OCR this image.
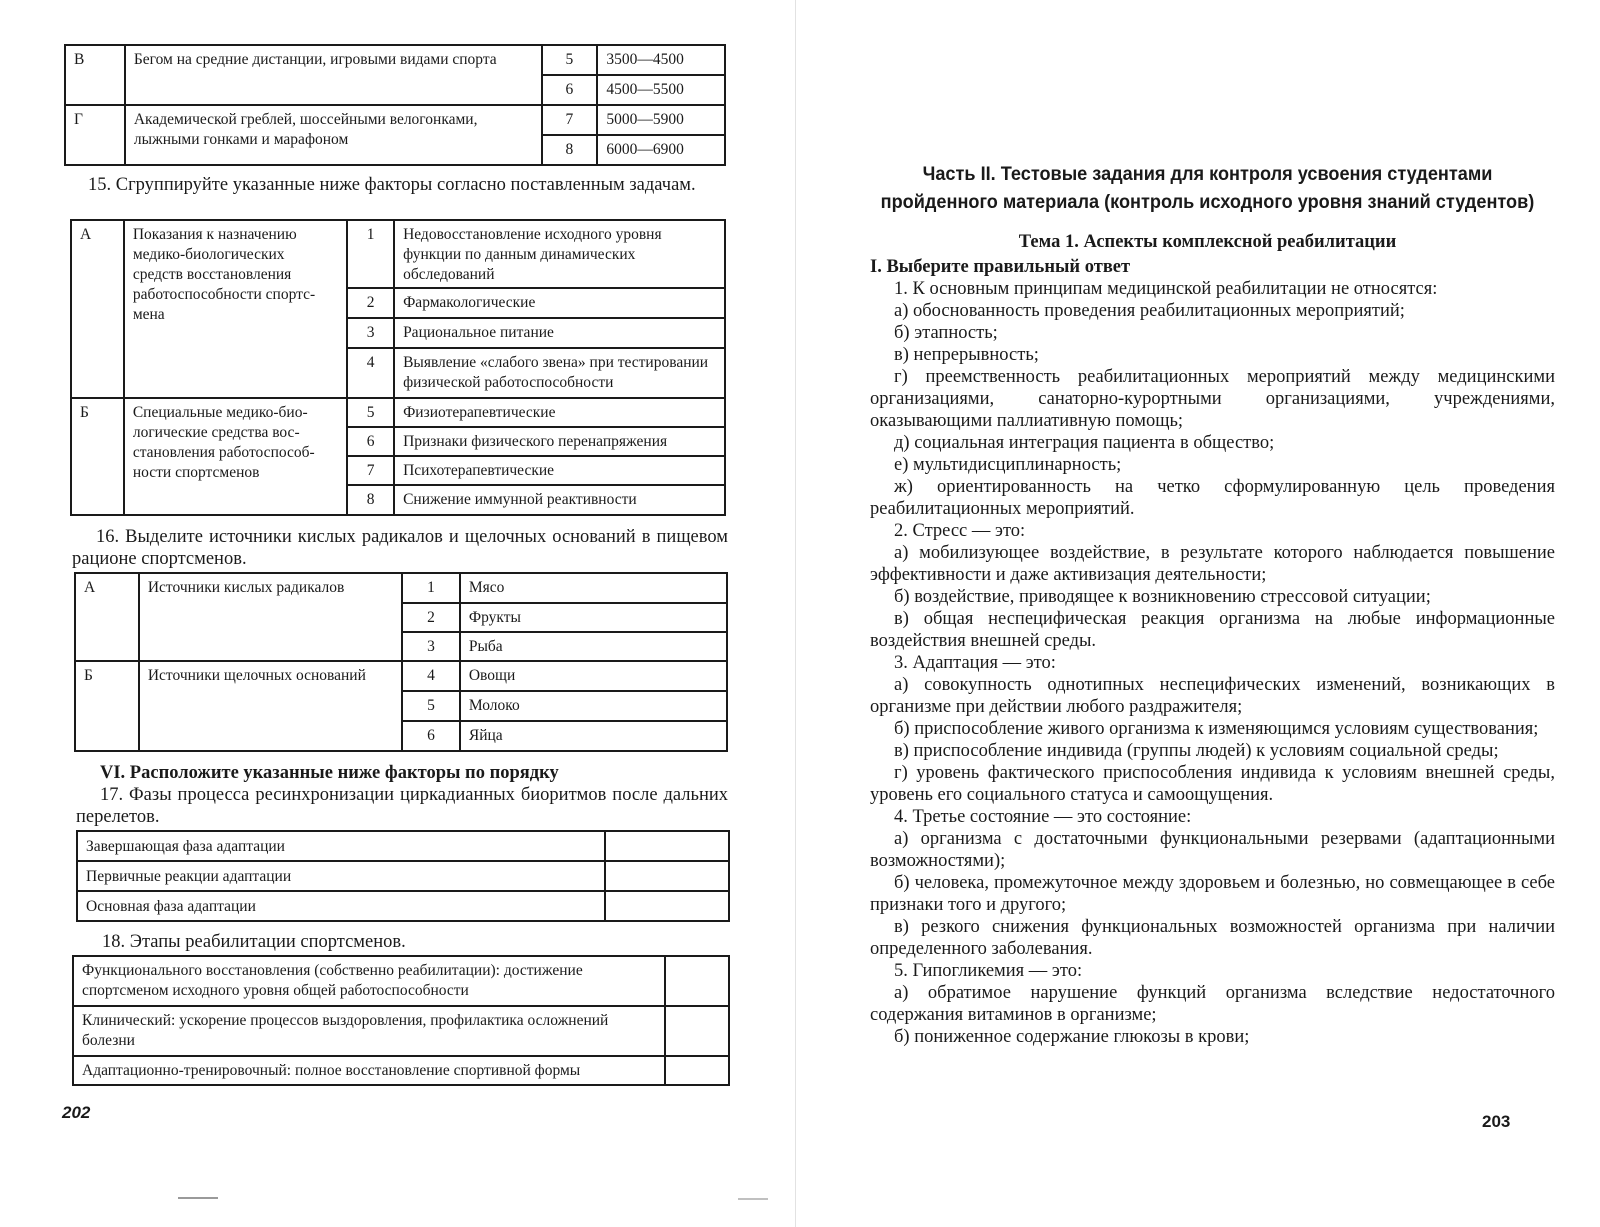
В	Бегом на средние дистанции, игровыми видами спорта	5	3500—4500
		6	4500—5500
Г	Академической греблей, шоссейными велогонками, лыжными гонками и марафоном	7	5000—5900
		8	6000—6900
15. Сгруппируйте указанные ниже факторы согласно поставленным задачам.
А	Показания к назначению медико-биологических средств восстановления работоспособности спортсмена	1	Недовосстановление исходного уровня функции по данным динамических обследований
		2	Фармакологические
		3	Рациональное питание
		4	Выявление «слабого звена» при тестировании физической работоспособности
Б	Специальные медико-биологические средства восстановления работоспособности спортсменов	5	Физиотерапевтические
		6	Признаки физического перенапряжения
		7	Психотерапевтические
		8	Снижение иммунной реактивности
16. Выделите источники кислых радикалов и щелочных оснований в пищевом рационе спортсменов.
А	Источники кислых радикалов	1	Мясо
		2	Фрукты
		3	Рыба
Б	Источники щелочных оснований	4	Овощи
		5	Молоко
		6	Яйца
VI. Расположите указанные ниже факторы по порядку
17. Фазы процесса ресинхронизации циркадианных биоритмов после дальних перелетов.
Завершающая фаза адаптации	
Первичные реакции адаптации	
Основная фаза адаптации	
18. Этапы реабилитации спортсменов.
Функционального восстановления (собственно реабилитации): достижение спортсменом исходного уровня общей работоспособности	
Клинический: ускорение процессов выздоровления, профилактика осложнений болезни	
Адаптационно-тренировочный: полное восстановление спортивной формы	
202
Часть II. Тестовые задания для контроля усвоения студентами пройденного материала (контроль исходного уровня знаний студентов)
Тема 1. Аспекты комплексной реабилитации
I. Выберите правильный ответ
1. К основным принципам медицинской реабилитации не относятся:
а) обоснованность проведения реабилитационных мероприятий;
б) этапность;
в) непрерывность;
г) преемственность реабилитационных мероприятий между медицинскими организациями, санаторно-курортными организациями, учреждениями, оказывающими паллиативную помощь;
д) социальная интеграция пациента в общество;
е) мультидисциплинарность;
ж) ориентированность на четко сформулированную цель проведения реабилитационных мероприятий.
2. Стресс — это:
а) мобилизующее воздействие, в результате которого наблюдается повышение эффективности и даже активизация деятельности;
б) воздействие, приводящее к возникновению стрессовой ситуации;
в) общая неспецифическая реакция организма на любые информационные воздействия внешней среды.
3. Адаптация — это:
а) совокупность однотипных неспецифических изменений, возникающих в организме при действии любого раздражителя;
б) приспособление живого организма к изменяющимся условиям существования;
в) приспособление индивида (группы людей) к условиям социальной среды;
г) уровень фактического приспособления индивида к условиям внешней среды, уровень его социального статуса и самоощущения.
4. Третье состояние — это состояние:
а) организма с достаточными функциональными резервами (адаптационными возможностями);
б) человека, промежуточное между здоровьем и болезнью, но совмещающее в себе признаки того и другого;
в) резкого снижения функциональных возможностей организма при наличии определенного заболевания.
5. Гипогликемия — это:
а) обратимое нарушение функций организма вследствие недостаточного содержания витаминов в организме;
б) пониженное содержание глюкозы в крови;
203
